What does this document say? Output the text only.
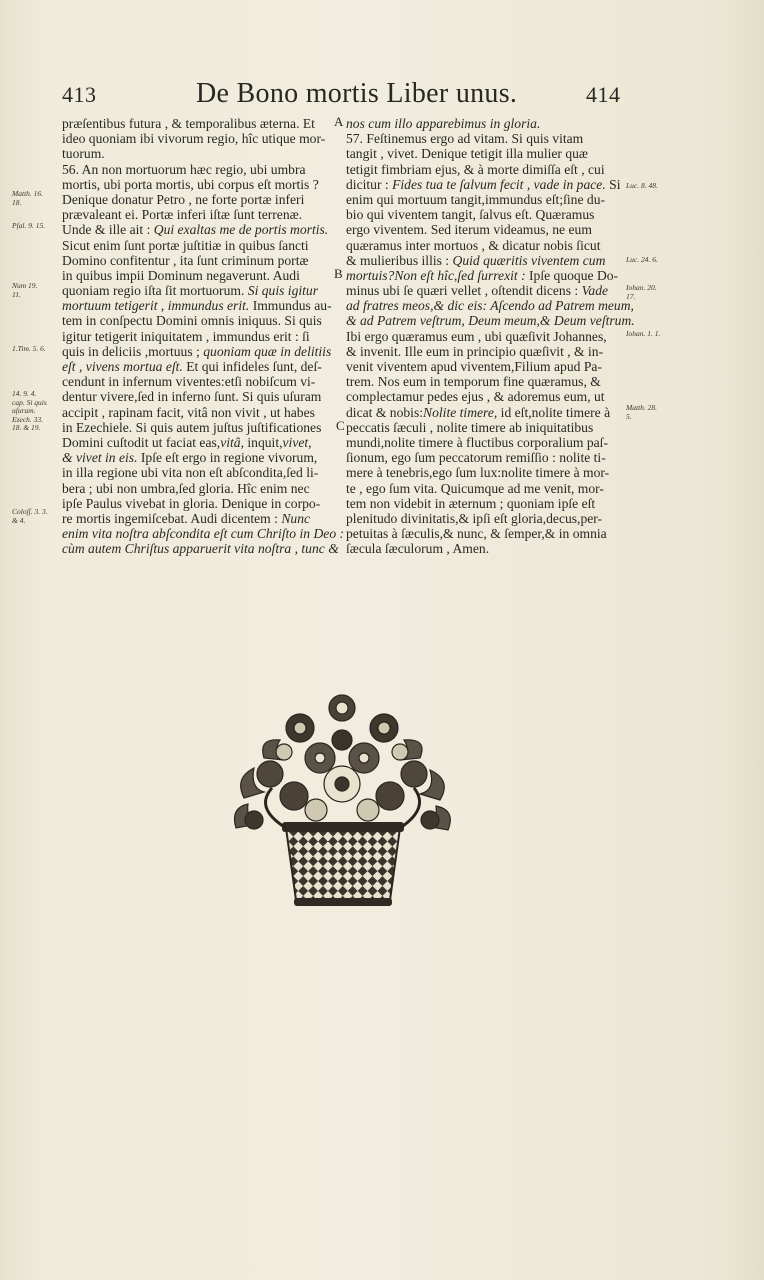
413	De Bono mortis Liber unus.	414
præſentibus futura , & temporalibus æterna. Et
ideo quoniam ibi vivorum regio, hîc utique mor-
tuorum.
56. An non mortuorum hæc regio, ubi umbra
mortis, ubi porta mortis, ubi corpus eſt mortis ?
Denique donatur Petro , ne forte portæ inferi
prævaleant ei. Portæ inferi iſtæ ſunt terrenæ.
Unde & ille ait : Qui exaltas me de portis mortis.
Sicut enim ſunt portæ juſtitiæ in quibus ſancti
Domino confitentur , ita ſunt criminum portæ
in quibus impii Dominum negaverunt. Audi
quoniam regio iſta ſit mortuorum. Si quis igitur
mortuum tetigerit , immundus erit. Immundus au-
tem in conſpectu Domini omnis iniquus. Si quis
igitur tetigerit iniquitatem , immundus erit : ſi
quis in deliciis ,mortuus ; quoniam quæ in delitiis
eſt , vivens mortua eſt. Et qui infideles ſunt, deſ-
cendunt in infernum viventes:etſi nobiſcum vi-
dentur vivere,ſed in inferno ſunt. Si quis uſuram
accipit , rapinam facit, vitâ non vivit , ut habes
in Ezechiele. Si quis autem juſtus juſtificationes
Domini cuſtodit ut faciat eas,vitâ, inquit,vivet,
& vivet in eis. Ipſe eſt ergo in regione vivorum,
in illa regione ubi vita non eſt abſcondita,ſed li-
bera ; ubi non umbra,ſed gloria. Hîc enim nec
ipſe Paulus vivebat in gloria. Denique in corpo-
re mortis ingemiſcebat. Audi dicentem : Nunc
enim vita noſtra abſcondita eſt cum Chriſto in Deo :
cùm autem Chriſtus apparuerit vita noſtra , tunc &
nos cum illo apparebimus in gloria.
57. Feſtinemus ergo ad vitam. Si quis vitam
tangit , vivet. Denique tetigit illa mulier quæ
tetigit fimbriam ejus, & à morte dimiſſa eſt , cui
dicitur : Fides tua te ſalvum fecit , vade in pace. Si
enim qui mortuum tangit,immundus eſt;ſine du-
bio qui viventem tangit, ſalvus eſt. Quæramus
ergo viventem. Sed iterum videamus, ne eum
quæramus inter mortuos , & dicatur nobis ſicut
& mulieribus illis : Quid quæritis viventem cum
mortuis?Non eſt hîc,ſed ſurrexit : Ipſe quoque Do-
minus ubi ſe quæri vellet , oſtendit dicens : Vade
ad fratres meos,& dic eis: Aſcendo ad Patrem meum,
& ad Patrem veſtrum, Deum meum,& Deum veſtrum.
Ibi ergo quæramus eum , ubi quæſivit Johannes,
& invenit. Ille eum in principio quæſivit , & in-
venit viventem apud viventem,Filium apud Pa-
trem. Nos eum in temporum fine quæramus, &
complectamur pedes ejus , & adoremus eum, ut
dicat & nobis:Nolite timere, id eſt,nolite timere à
peccatis ſæculi , nolite timere ab iniquitatibus
mundi,nolite timere à fluctibus corporalium paſ-
ſionum, ego ſum peccatorum remiſſio : nolite ti-
mere à tenebris,ego ſum lux:nolite timere à mor-
te , ego ſum vita. Quicumque ad me venit, mor-
tem non videbit in æternum ; quoniam ipſe eſt
plenitudo divinitatis,& ipſi eſt gloria,decus,per-
petuitas à ſæculis,& nunc, & ſemper,& in omnia
ſæcula ſæculorum , Amen.
A
B
C
Matth. 16.
18.
Pſal. 9. 15.
Num 19.
11.
1.Tim. 5. 6.
14. 9. 4.
cap. Si quis
uſuram.
Ezech. 33.
18. & 19.
Coloſſ. 3. 3.
& 4.
Luc. 8. 48.
Luc. 24. 6.
Iohan. 20.
17.
Iohan. 1. 1.
Matth. 28.
5.
